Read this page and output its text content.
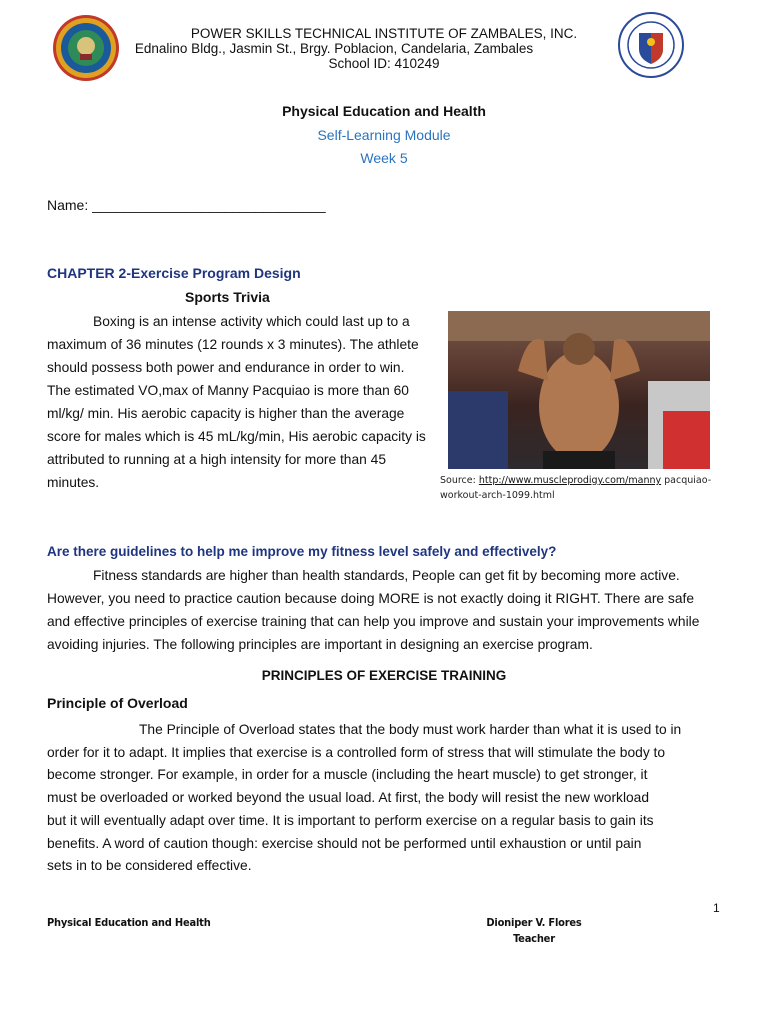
POWER SKILLS TECHNICAL INSTITUTE OF ZAMBALES, INC.
Ednalino Bldg., Jasmin St., Brgy. Poblacion, Candelaria, Zambales
School ID: 410249
Physical Education and Health
Self-Learning Module
Week 5
Name: ______________________________
CHAPTER 2-Exercise Program Design
Sports Trivia
Boxing is an intense activity which could last up to a
maximum of 36 minutes (12 rounds x 3 minutes). The athlete
should possess both power and endurance in order to win.
The estimated VO,max of Manny Pacquiao is more than 60
ml/kg/ min. His aerobic capacity is higher than the average
score for males which is 45 mL/kg/min, His aerobic capacity is
attributed to running at a high intensity for more than 45
minutes.	Source: http://www.muscleprodigy.com/manny pacquiao-
workout-arch-1099.html
Are there guidelines to help me improve my fitness level safely and effectively?
Fitness standards are higher than health standards, People can get fit by becoming more active.
However, you need to practice caution because doing MORE is not exactly doing it RIGHT. There are safe
and effective principles of exercise training that can help you improve and sustain your improvements while
avoiding injuries. The following principles are important in designing an exercise program.
PRINCIPLES OF EXERCISE TRAINING
Principle of Overload
The Principle of Overload states that the body must work harder than what it is used to in
order for it to adapt. It implies that exercise is a controlled form of stress that will stimulate the body to
become stronger. For example, in order for a muscle (including the heart muscle) to get stronger, it
must be overloaded or worked beyond the usual load. At first, the body will resist the new workload
but it will eventually adapt over time. It is important to perform exercise on a regular basis to gain its
benefits. A word of caution though: exercise should not be performed until exhaustion or until pain
sets in to be considered effective.
1
Physical Education and Health	Dioniper V. Flores
Teacher
